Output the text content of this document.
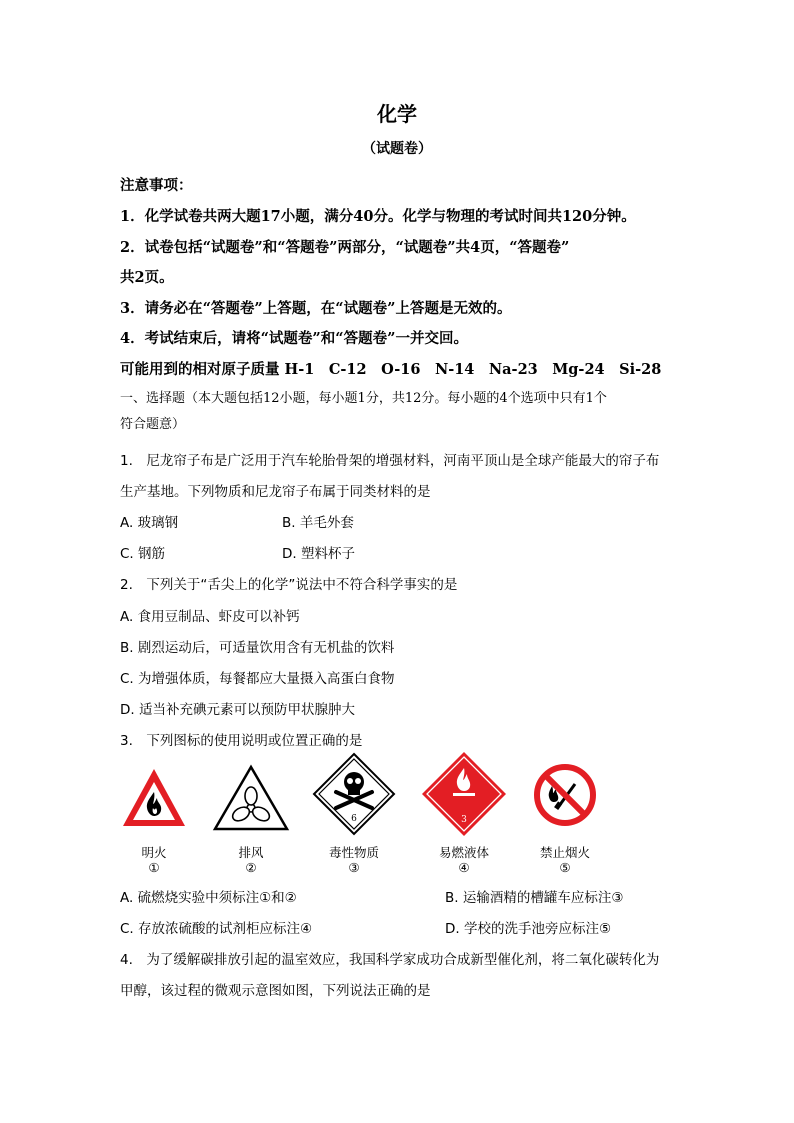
化学
（试题卷）
注意事项：
1．化学试卷共两大题17小题，满分40分。化学与物理的考试时间共120分钟。
2．试卷包括“试题卷”和“答题卷”两部分，“试题卷”共4页，“答题卷”
共2页。
3．请务必在“答题卷”上答题，在“试题卷”上答题是无效的。
4．考试结束后，请将“试题卷”和“答题卷”一并交回。
可能用到的相对原子质量 H-1　C-12　O-16　N-14　Na-23　Mg-24　Si-28
一、选择题（本大题包括12小题，每小题1分，共12分。每小题的4个选项中只有1个
符合题意）
1.　尼龙帘子布是广泛用于汽车轮胎骨架的增强材料，河南平顶山是全球产能最大的帘子布
生产基地。下列物质和尼龙帘子布属于同类材料的是
A. 玻璃钢	B. 羊毛外套
C. 钢筋	D. 塑料杯子
2.　下列关于“舌尖上的化学”说法中不符合科学事实的是
A. 食用豆制品、虾皮可以补钙
B. 剧烈运动后，可适量饮用含有无机盐的饮料
C. 为增强体质，每餐都应大量摄入高蛋白食物
D. 适当补充碘元素可以预防甲状腺肿大
3.　下列图标的使用说明或位置正确的是
6	3
明火
①
排风
②
毒性物质
③
易燃液体
④
禁止烟火
⑤
A. 硫燃烧实验中须标注①和②	B. 运输酒精的槽罐车应标注③
C. 存放浓硫酸的试剂柜应标注④	D. 学校的洗手池旁应标注⑤
4.　为了缓解碳排放引起的温室效应，我国科学家成功合成新型催化剂，将二氧化碳转化为
甲醇，该过程的微观示意图如图，下列说法正确的是
